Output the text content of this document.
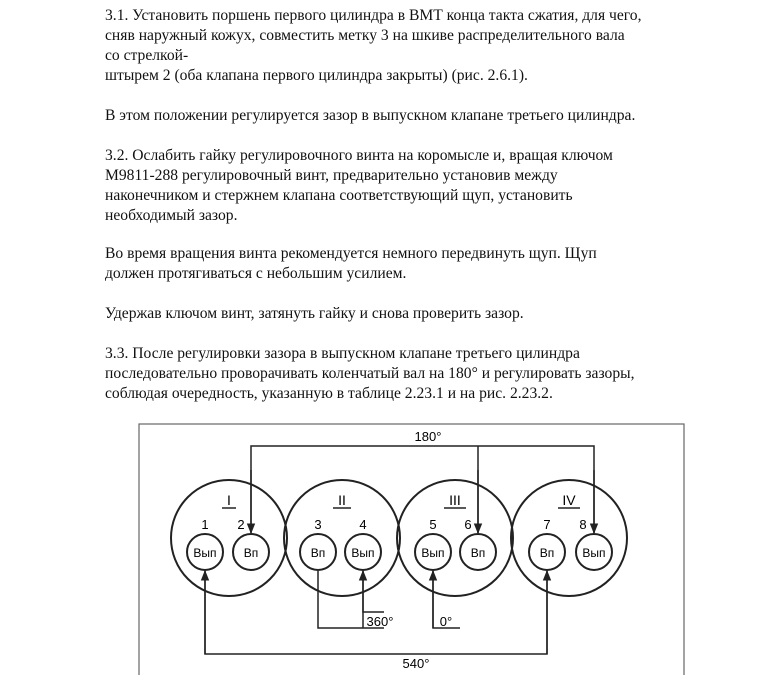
3.1. Установить поршень первого цилиндра в ВМТ конца такта сжатия, для чего,
сняв наружный кожух, совместить метку 3 на шкиве распределительного вала
со стрелкой-
штырем 2 (оба клапана первого цилиндра закрыты) (рис. 2.6.1).

В этом положении регулируется зазор в выпускном клапане третьего цилиндра.

3.2. Ослабить гайку регулировочного винта на коромысле и, вращая ключом
М9811-288 регулировочный винт, предварительно установив между
наконечником и стержнем клапана соответствующий щуп, установить
необходимый зазор.

Во время вращения винта рекомендуется немного передвинуть щуп. Щуп
должен протягиваться с небольшим усилием.

Удержав ключом винт, затянуть гайку и снова проверить зазор.

3.3. После регулировки зазора в выпускном клапане третьего цилиндра
последовательно проворачивать коленчатый вал на 180° и регулировать зазоры,
соблюдая очередность, указанную в таблице 2.23.1 и на рис. 2.23.2.

I
1 2
Вып Вп
II
3	4
Вп Вып
III
5 6
Вып Вп
IV
7 8
Вп Вып
180°
360°	0°
540°
